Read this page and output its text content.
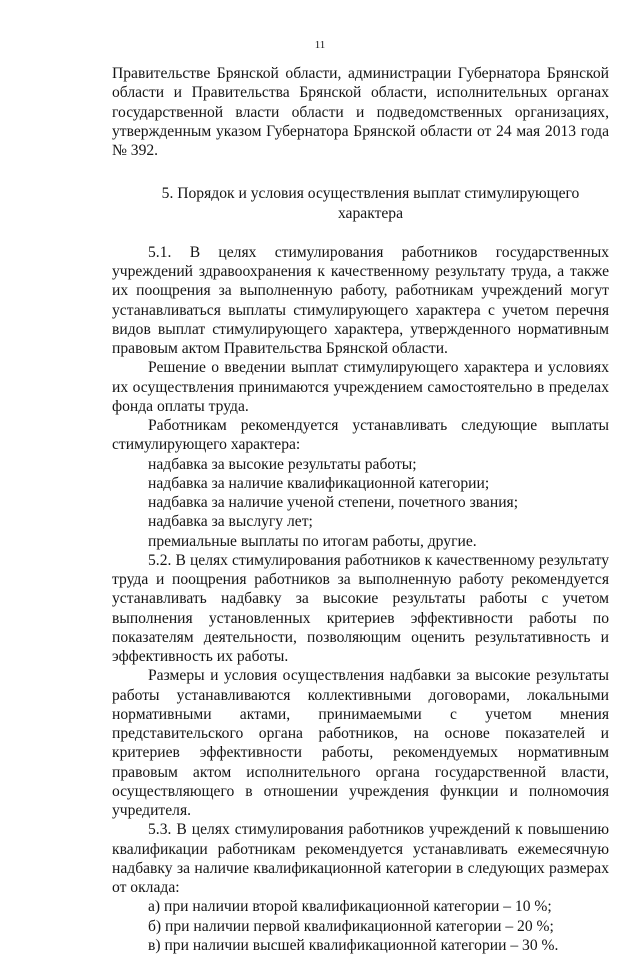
11

Правительстве Брянской области, администрации Губернатора Брянской области и Правительства Брянской области, исполнительных органах государственной власти области и подведомственных организациях, утвержденным указом Губернатора Брянской области от 24 мая 2013 года № 392.

5. Порядок и условия осуществления выплат стимулирующего характера

5.1. В целях стимулирования работников государственных учреждений здравоохранения к качественному результату труда, а также их поощрения за выполненную работу, работникам учреждений могут устанавливаться выплаты стимулирующего характера с учетом перечня видов выплат стимулирующего характера, утвержденного нормативным правовым актом Правительства Брянской области.

Решение о введении выплат стимулирующего характера и условиях их осуществления принимаются учреждением самостоятельно в пределах фонда оплаты труда.

Работникам рекомендуется устанавливать следующие выплаты стимулирующего характера:

надбавка за высокие результаты работы;

надбавка за наличие квалификационной категории;

надбавка за наличие ученой степени, почетного звания;

надбавка за выслугу лет;

премиальные выплаты по итогам работы, другие.

5.2. В целях стимулирования работников к качественному результату труда и поощрения работников за выполненную работу рекомендуется устанавливать надбавку за высокие результаты работы с учетом выполнения установленных критериев эффективности работы по показателям деятельности, позволяющим оценить результативность и эффективность их работы.

Размеры и условия осуществления надбавки за высокие результаты работы устанавливаются коллективными договорами, локальными нормативными актами, принимаемыми с учетом мнения представительского органа работников, на основе показателей и критериев эффективности работы, рекомендуемых нормативным правовым актом исполнительного органа государственной власти, осуществляющего в отношении учреждения функции и полномочия учредителя.

5.3. В целях стимулирования работников учреждений к повышению квалификации работникам рекомендуется устанавливать ежемесячную надбавку за наличие квалификационной категории в следующих размерах от оклада:

а) при наличии второй квалификационной категории – 10 %;

б) при наличии первой квалификационной категории – 20 %;

в) при наличии высшей квалификационной категории – 30 %.
